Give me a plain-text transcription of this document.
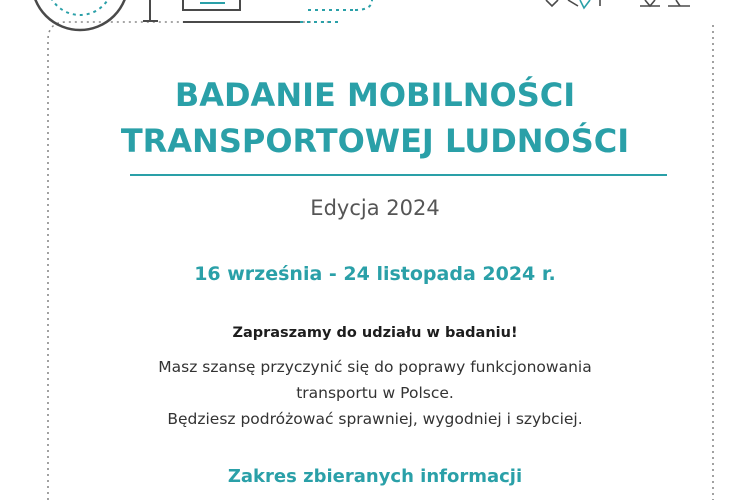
BADANIE MOBILNOŚCI
TRANSPORTOWEJ LUDNOŚCI
Edycja 2024
16 września - 24 listopada 2024 r.
Zapraszamy do udziału w badaniu!
Masz szansę przyczynić się do poprawy funkcjonowania
transportu w Polsce.
Będziesz podróżować sprawniej, wygodniej i szybciej.
Zakres zbieranych informacji
